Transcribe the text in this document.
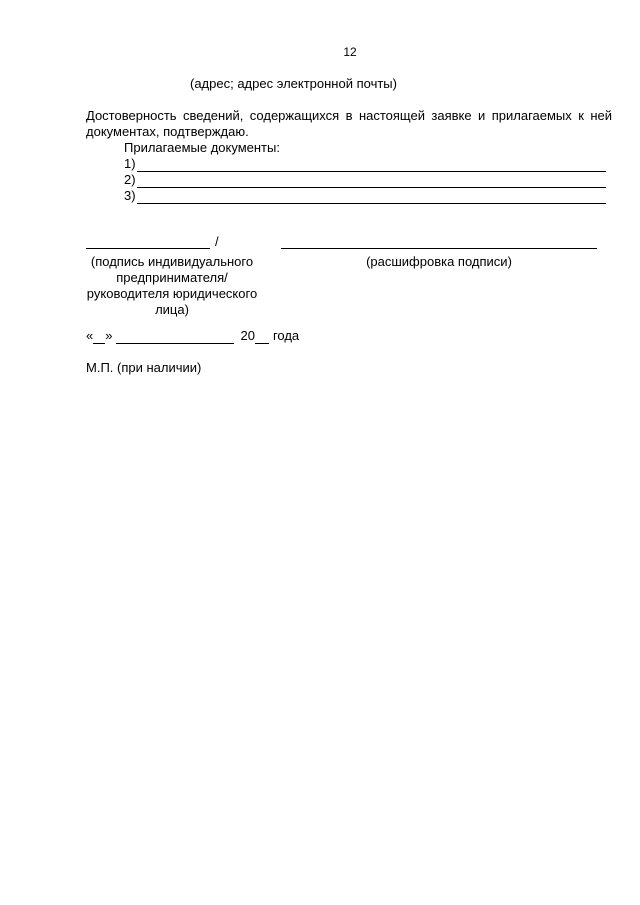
12
(адрес; адрес электронной почты)

Достоверность сведений, содержащихся в настоящей заявке и прилагаемых к ней документах, подтверждаю.

Прилагаемые документы:
1)
2)
3)
/
(подпись индивидуального предпринимателя/руководителя юридического лица)
(расшифровка подписи)
« »	20 года
М.П. (при наличии)
